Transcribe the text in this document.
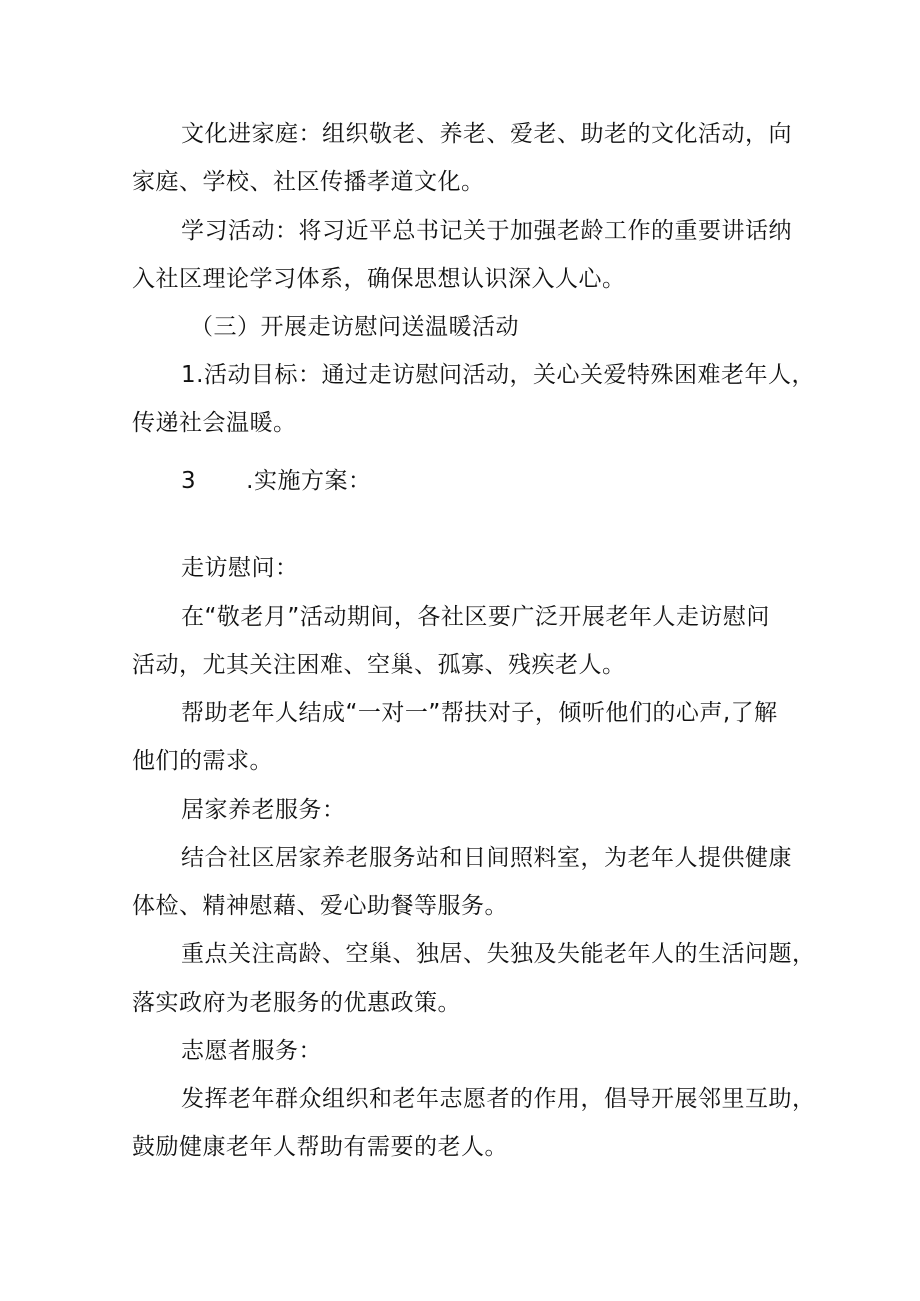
文化进家庭：组织敬老、养老、爱老、助老的文化活动，向

家庭、学校、社区传播孝道文化。

学习活动：将习近平总书记关于加强老龄工作的重要讲话纳

入社区理论学习体系，确保思想认识深入人心。

（三）开展走访慰问送温暖活动

1.活动目标：通过走访慰问活动，关心关爱特殊困难老年人，

传递社会温暖。

3 .实施方案：

走访慰问：

在“敬老月”活动期间，各社区要广泛开展老年人走访慰问

活动，尤其关注困难、空巢、孤寡、残疾老人。

帮助老年人结成“一对一”帮扶对子，倾听他们的心声,了解

他们的需求。

居家养老服务：

结合社区居家养老服务站和日间照料室，为老年人提供健康

体检、精神慰藉、爱心助餐等服务。

重点关注高龄、空巢、独居、失独及失能老年人的生活问题，

落实政府为老服务的优惠政策。

志愿者服务：

发挥老年群众组织和老年志愿者的作用，倡导开展邻里互助，

鼓励健康老年人帮助有需要的老人。
